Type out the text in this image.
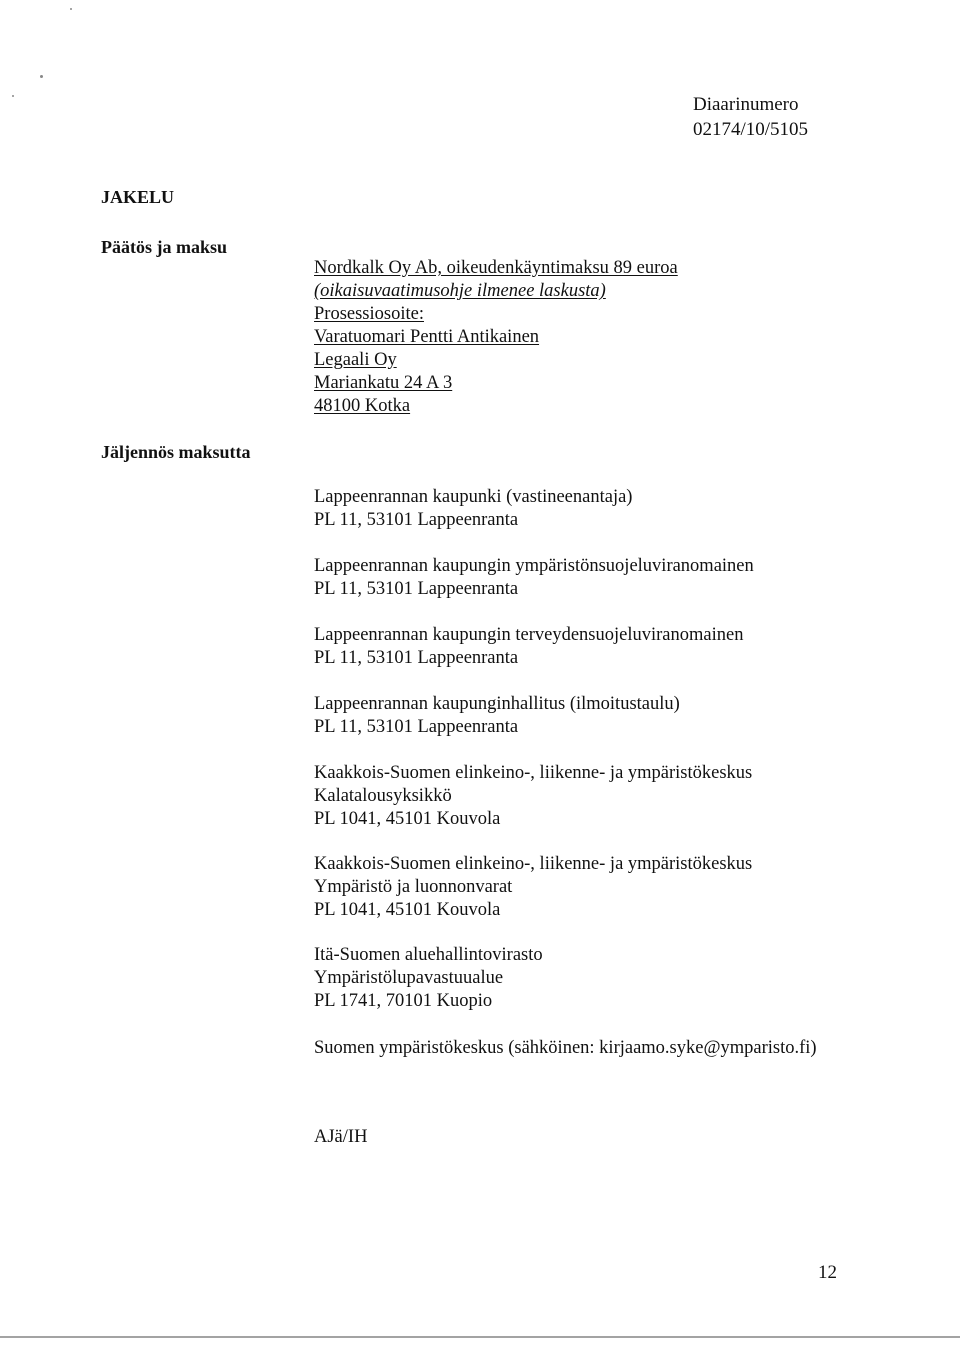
Diaarinumero
02174/10/5105
JAKELU
Päätös ja maksu
Nordkalk Oy Ab, oikeudenkäyntimaksu 89 euroa
(oikaisuvaatimusohje ilmenee laskusta)
Prosessiosoite:
Varatuomari Pentti Antikainen
Legaali Oy
Mariankatu 24 A 3
48100 Kotka
Jäljennös maksutta
Lappeenrannan kaupunki (vastineenantaja)
PL 11, 53101 Lappeenranta
Lappeenrannan kaupungin ympäristönsuojeluviranomainen
PL 11, 53101 Lappeenranta
Lappeenrannan kaupungin terveydensuojeluviranomainen
PL 11, 53101 Lappeenranta
Lappeenrannan kaupunginhallitus (ilmoitustaulu)
PL 11, 53101 Lappeenranta
Kaakkois-Suomen elinkeino-, liikenne- ja ympäristökeskus
Kalatalousyksikkö
PL 1041, 45101 Kouvola
Kaakkois-Suomen elinkeino-, liikenne- ja ympäristökeskus
Ympäristö ja luonnonvarat
PL 1041, 45101 Kouvola
Itä-Suomen aluehallintovirasto
Ympäristölupavastuualue
PL 1741, 70101 Kuopio
Suomen ympäristökeskus (sähköinen: kirjaamo.syke@ymparisto.fi)
AJä/IH
12
